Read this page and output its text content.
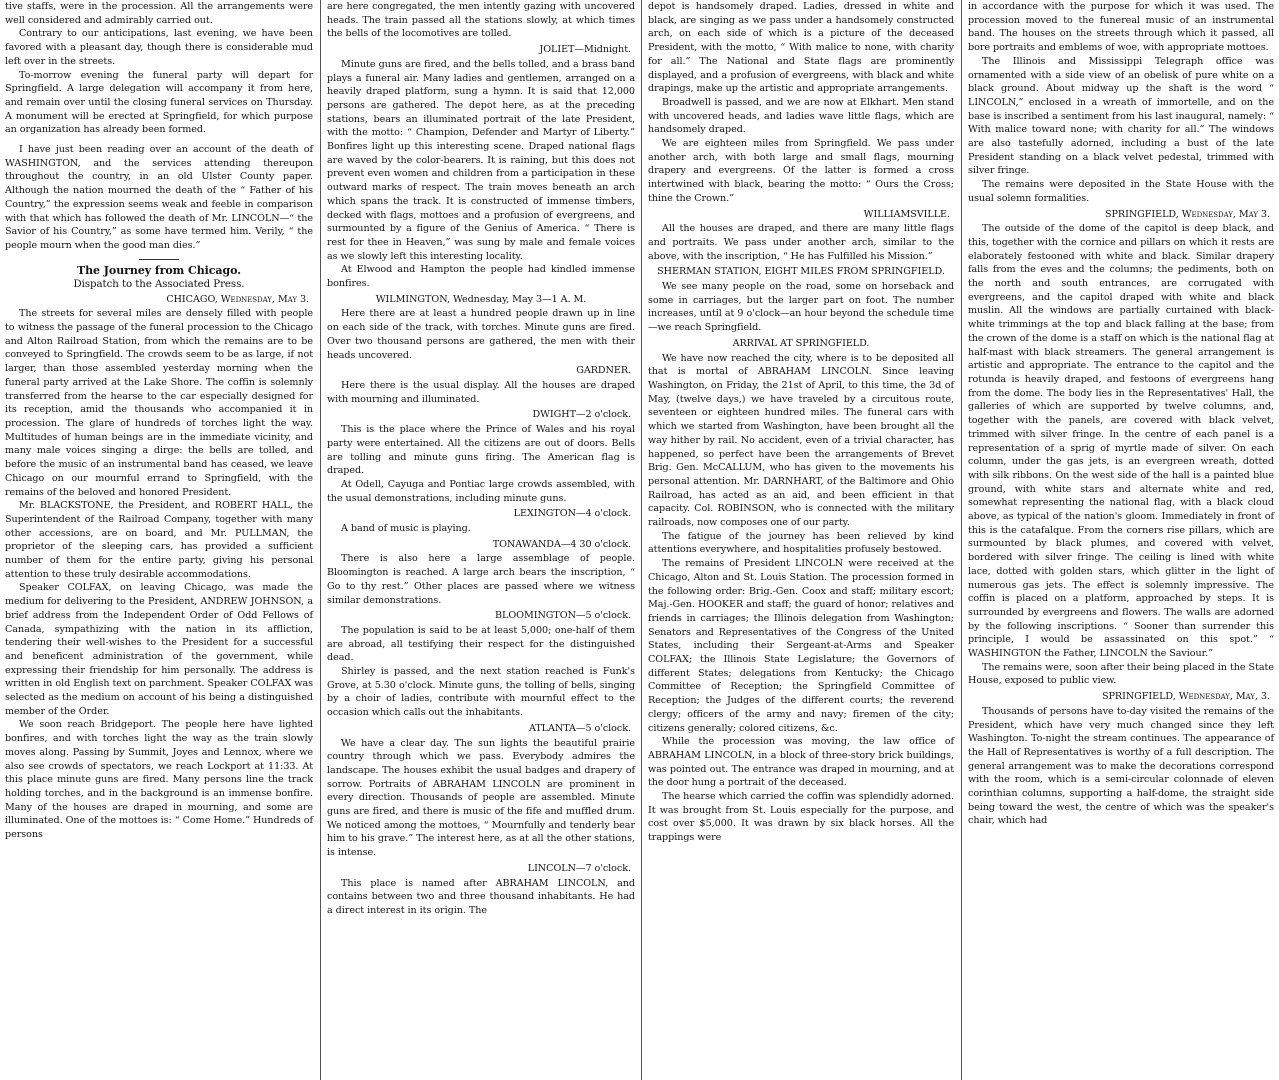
tive staffs, were in the procession. All the arrangements were well considered and admirably carried out.

Contrary to our anticipations, last evening, we have been favored with a pleasant day, though there is considerable mud left over in the streets.

To-morrow evening the funeral party will depart for Springfield. A large delegation will accompany it from here, and remain over until the closing funeral services on Thursday. A monument will be erected at Springfield, for which purpose an organization has already been formed.

I have just been reading over an account of the death of WASHINGTON, and the services attending thereupon throughout the country, in an old Ulster County paper. Although the nation mourned the death of the “ Father of his Country,” the expression seems weak and feeble in comparison with that which has followed the death of Mr. LINCOLN—“ the Savior of his Country,” as some have termed him. Verily, “ the people mourn when the good man dies.”

The Journey from Chicago.

Dispatch to the Associated Press.

CHICAGO, Wednesday, May 3.

The streets for several miles are densely filled with people to witness the passage of the funeral procession to the Chicago and Alton Railroad Station, from which the remains are to be conveyed to Springfield. The crowds seem to be as large, if not larger, than those assembled yesterday morning when the funeral party arrived at the Lake Shore. The coffin is solemnly transferred from the hearse to the car especially designed for its reception, amid the thousands who accompanied it in procession. The glare of hundreds of torches light the way. Multitudes of human beings are in the immediate vicinity, and many male voices singing a dirge: the bells are tolled, and before the music of an instrumental band has ceased, we leave Chicago on our mournful errand to Springfield, with the remains of the beloved and honored President.

Mr. BLACKSTONE, the President, and ROBERT HALL, the Superintendent of the Railroad Company, together with many other accessions, are on board, and Mr. PULLMAN, the proprietor of the sleeping cars, has provided a sufficient number of them for the entire party, giving his personal attention to these truly desirable accommodations.

Speaker COLFAX, on leaving Chicago, was made the medium for delivering to the President, ANDREW JOHNSON, a brief address from the Independent Order of Odd Fellows of Canada, sympathizing with the nation in its affliction, tendering their well-wishes to the President for a successful and beneficent administration of the government, while expressing their friendship for him personally. The address is written in old English text on parchment. Speaker COLFAX was selected as the medium on account of his being a distinguished member of the Order.

We soon reach Bridgeport. The people here have lighted bonfires, and with torches light the way as the train slowly moves along. Passing by Summit, Joyes and Lennox, where we also see crowds of spectators, we reach Lockport at 11:33. At this place minute guns are fired. Many persons line the track holding torches, and in the background is an immense bonfire. Many of the houses are draped in mourning, and some are illuminated. One of the mottoes is: “ Come Home.” Hundreds of persons

are here congregated, the men intently gazing with uncovered heads. The train passed all the stations slowly, at which times the bells of the locomotives are tolled.

JOLIET—Midnight.

Minute guns are fired, and the bells tolled, and a brass band plays a funeral air. Many ladies and gentlemen, arranged on a heavily draped platform, sung a hymn. It is said that 12,000 persons are gathered. The depot here, as at the preceding stations, bears an illuminated portrait of the late President, with the motto: “ Champion, Defender and Martyr of Liberty.” Bonfires light up this interesting scene. Draped national flags are waved by the color-bearers. It is raining, but this does not prevent even women and children from a participation in these outward marks of respect. The train moves beneath an arch which spans the track. It is constructed of immense timbers, decked with flags, mottoes and a profusion of evergreens, and surmounted by a figure of the Genius of America. “ There is rest for thee in Heaven,” was sung by male and female voices as we slowly left this interesting locality.

At Elwood and Hampton the people had kindled immense bonfires.

WILMINGTON, Wednesday, May 3—1 A. M.

Here there are at least a hundred people drawn up in line on each side of the track, with torches. Minute guns are fired. Over two thousand persons are gathered, the men with their heads uncovered.

GARDNER.

Here there is the usual display. All the houses are draped with mourning and illuminated.

DWIGHT—2 o'clock.

This is the place where the Prince of Wales and his royal party were entertained. All the citizens are out of doors. Bells are tolling and minute guns firing. The American flag is draped.

At Odell, Cayuga and Pontiac large crowds assembled, with the usual demonstrations, including minute guns.

LEXINGTON—4 o'clock.

A band of music is playing.

TONAWANDA—4 30 o'clock.

There is also here a large assemblage of people. Bloomington is reached. A large arch bears the inscription, “ Go to thy rest.” Other places are passed where we witness similar demonstrations.

BLOOMINGTON—5 o'clock.

The population is said to be at least 5,000; one-half of them are abroad, all testifying their respect for the distinguished dead.

Shirley is passed, and the next station reached is Funk's Grove, at 5.30 o'clock. Minute guns, the tolling of bells, singing by a choir of ladies, contribute with mournful effect to the occasion which calls out the inhabitants.

ATLANTA—5 o'clock.

We have a clear day. The sun lights the beautiful prairie country through which we pass. Everybody admires the landscape. The houses exhibit the usual badges and drapery of sorrow. Portraits of ABRAHAM LINCOLN are prominent in every direction. Thousands of people are assembled. Minute guns are fired, and there is music of the fife and muffled drum. We noticed among the mottoes, “ Mournfully and tenderly bear him to his grave.” The interest here, as at all the other stations, is intense.

LINCOLN—7 o'clock.

This place is named after ABRAHAM LINCOLN, and contains between two and three thousand inhabitants. He had a direct interest in its origin. The

depot is handsomely draped. Ladies, dressed in white and black, are singing as we pass under a handsomely constructed arch, on each side of which is a picture of the deceased President, with the motto, “ With malice to none, with charity for all.” The National and State flags are prominently displayed, and a profusion of evergreens, with black and white drapings, make up the artistic and appropriate arrangements.

Broadwell is passed, and we are now at Elkhart. Men stand with uncovered heads, and ladies wave little flags, which are handsomely draped.

We are eighteen miles from Springfield. We pass under another arch, with both large and small flags, mourning drapery and evergreens. Of the latter is formed a cross intertwined with black, bearing the motto: “ Ours the Cross; thine the Crown.”

WILLIAMSVILLE.

All the houses are draped, and there are many little flags and portraits. We pass under another arch, similar to the above, with the inscription, “ He has Fulfilled his Mission.”

SHERMAN STATION, EIGHT MILES FROM SPRINGFIELD.

We see many people on the road, some on horseback and some in carriages, but the larger part on foot. The number increases, until at 9 o'clock—an hour beyond the schedule time—we reach Springfield.

ARRIVAL AT SPRINGFIELD.

We have now reached the city, where is to be deposited all that is mortal of ABRAHAM LINCOLN. Since leaving Washington, on Friday, the 21st of April, to this time, the 3d of May, (twelve days,) we have traveled by a circuitous route, seventeen or eighteen hundred miles. The funeral cars with which we started from Washington, have been brought all the way hither by rail. No accident, even of a trivial character, has happened, so perfect have been the arrangements of Brevet Brig. Gen. McCALLUM, who has given to the movements his personal attention. Mr. DARNHART, of the Baltimore and Ohio Railroad, has acted as an aid, and been efficient in that capacity. Col. ROBINSON, who is connected with the military railroads, now composes one of our party.

The fatigue of the journey has been relieved by kind attentions everywhere, and hospitalities profusely bestowed.

The remains of President LINCOLN were received at the Chicago, Alton and St. Louis Station. The procession formed in the following order: Brig.-Gen. Coox and staff; military escort; Maj.-Gen. HOOKER and staff; the guard of honor; relatives and friends in carriages; the Illinois delegation from Washington; Senators and Representatives of the Congress of the United States, including their Sergeant-at-Arms and Speaker COLFAX; the Illinois State Legislature; the Governors of different States; delegations from Kentucky; the Chicago Committee of Reception; the Springfield Committee of Reception; the Judges of the different courts; the reverend clergy; officers of the army and navy; firemen of the city; citizens generally; colored citizens, &c.

While the procession was moving, the law office of ABRAHAM LINCOLN, in a block of three-story brick buildings, was pointed out. The entrance was draped in mourning, and at the door hung a portrait of the deceased.

The hearse which carried the coffin was splendidly adorned. It was brought from St. Louis especially for the purpose, and cost over $5,000. It was drawn by six black horses. All the trappings were

in accordance with the purpose for which it was used. The procession moved to the funereal music of an instrumental band. The houses on the streets through which it passed, all bore portraits and emblems of woe, with appropriate mottoes.

The Illinois and Mississippi Telegraph office was ornamented with a side view of an obelisk of pure white on a black ground. About midway up the shaft is the word “ LINCOLN,” enclosed in a wreath of immortelle, and on the base is inscribed a sentiment from his last inaugural, namely: “ With malice toward none; with charity for all.” The windows are also tastefully adorned, including a bust of the late President standing on a black velvet pedestal, trimmed with silver fringe.

The remains were deposited in the State House with the usual solemn formalities.

SPRINGFIELD, Wednesday, May 3.

The outside of the dome of the capitol is deep black, and this, together with the cornice and pillars on which it rests are elaborately festooned with white and black. Similar drapery falls from the eves and the columns; the pediments, both on the north and south entrances, are corrugated with evergreens, and the capitol draped with white and black muslin. All the windows are partially curtained with black-white trimmings at the top and black falling at the base; from the crown of the dome is a staff on which is the national flag at half-mast with black streamers. The general arrangement is artistic and appropriate. The entrance to the capitol and the rotunda is heavily draped, and festoons of evergreens hang from the dome. The body lies in the Representatives' Hall, the galleries of which are supported by twelve columns, and, together with the panels, are covered with black velvet, trimmed with silver fringe. In the centre of each panel is a representation of a sprig of myrtle made of silver. On each column, under the gas jets, is an evergreen wreath, dotted with silk ribbons. On the west side of the hall is a painted blue ground, with white stars and alternate white and red, somewhat representing the national flag, with a black cloud above, as typical of the nation's gloom. Immediately in front of this is the catafalque. From the corners rise pillars, which are surmounted by black plumes, and covered with velvet, bordered with silver fringe. The ceiling is lined with white lace, dotted with golden stars, which glitter in the light of numerous gas jets. The effect is solemnly impressive. The coffin is placed on a platform, approached by steps. It is surrounded by evergreens and flowers. The walls are adorned by the following inscriptions. “ Sooner than surrender this principle, I would be assassinated on this spot.” “ WASHINGTON the Father, LINCOLN the Saviour.”

The remains were, soon after their being placed in the State House, exposed to public view.

SPRINGFIELD, Wednesday, May, 3.

Thousands of persons have to-day visited the remains of the President, which have very much changed since they left Washington. To-night the stream continues. The appearance of the Hall of Representatives is worthy of a full description. The general arrangement was to make the decorations correspond with the room, which is a semi-circular colonnade of eleven corinthian columns, supporting a half-dome, the straight side being toward the west, the centre of which was the speaker's chair, which had
